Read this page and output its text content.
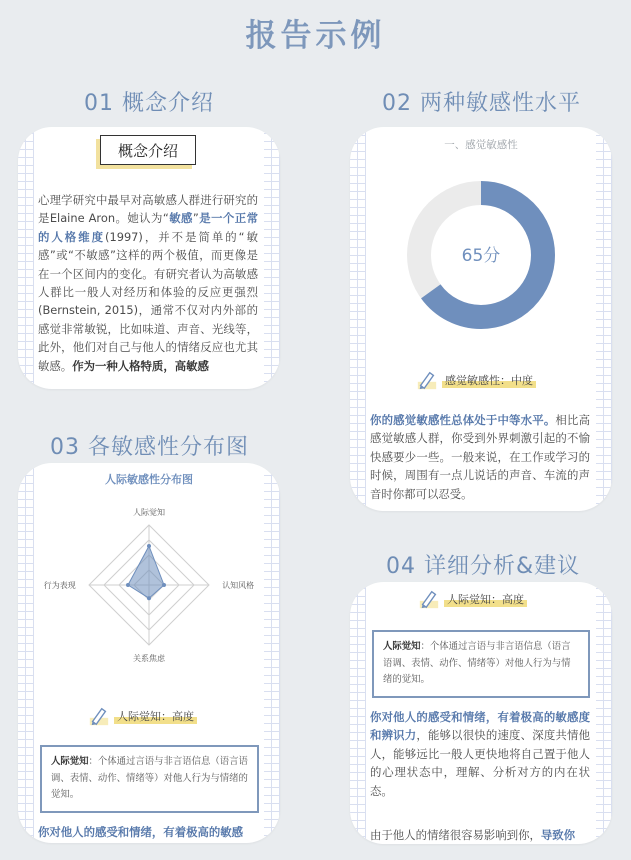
报告示例
01 概念介绍
概念介绍
心理学研究中最早对高敏感人群进行研究的是Elaine Aron。她认为“敏感”是一个正常的人格维度(1997)，并不是简单的“敏感”或“不敏感”这样的两个极值，而更像是在一个区间内的变化。有研究者认为高敏感人群比一般人对经历和体验的反应更强烈(Bernstein, 2015)，通常不仅对内外部的感觉非常敏锐，比如味道、声音、光线等，此外，他们对自己与他人的情绪反应也尤其敏感。作为一种人格特质，高敏感
02 两种敏感性水平
一、感觉敏感性
65分
感觉敏感性：中度
你的感觉敏感性总体处于中等水平。相比高感觉敏感人群，你受到外界刺激引起的不愉快感要少一些。一般来说，在工作或学习的时候，周围有一点儿说话的声音、车流的声音时你都可以忍受。
03 各敏感性分布图
人际敏感性分布图
人际觉知
认知风格
关系焦虑
行为表现
人际觉知：高度
人际觉知：个体通过言语与非言语信息（语言语调、表情、动作、情绪等）对他人行为与情绪的觉知。
你对他人的感受和情绪，有着极高的敏感
04 详细分析&建议
人际觉知：高度
人际觉知：个体通过言语与非言语信息（语言语调、表情、动作、情绪等）对他人行为与情绪的觉知。
你对他人的感受和情绪，有着极高的敏感度和辨识力，能够以很快的速度、深度共情他人，能够远比一般人更快地将自己置于他人的心理状态中，理解、分析对方的内在状态。
由于他人的情绪很容易影响到你，导致你
